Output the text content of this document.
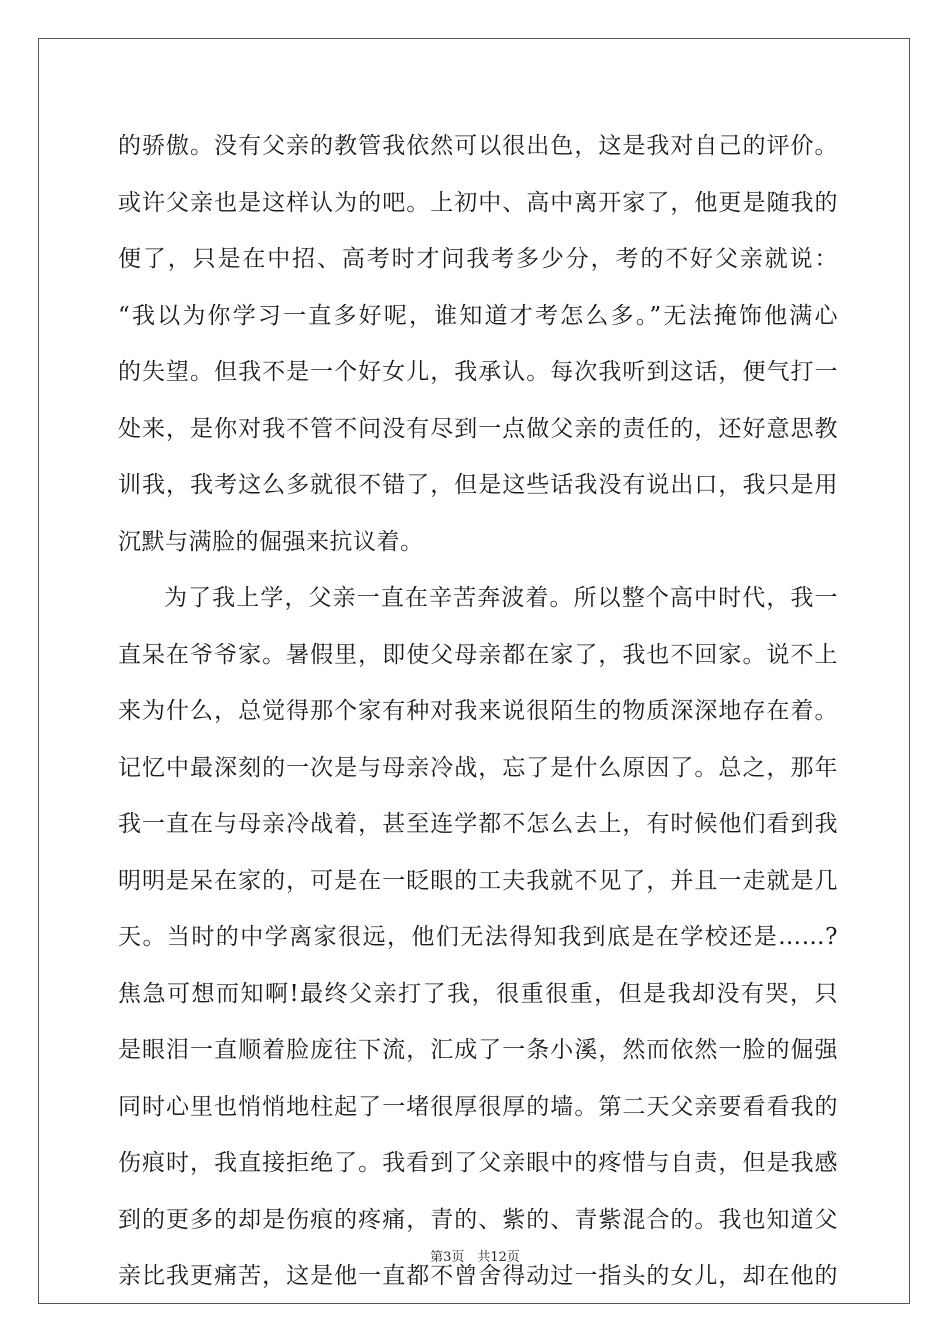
的骄傲。没有父亲的教管我依然可以很出色，这是我对自己的评价。
或许父亲也是这样认为的吧。上初中、高中离开家了，他更是随我的
便了，只是在中招、高考时才问我考多少分，考的不好父亲就说：
“我以为你学习一直多好呢，谁知道才考怎么多。”无法掩饰他满心
的失望。但我不是一个好女儿，我承认。每次我听到这话，便气打一
处来，是你对我不管不问没有尽到一点做父亲的责任的，还好意思教
训我，我考这么多就很不错了，但是这些话我没有说出口，我只是用
沉默与满脸的倔强来抗议着。
为了我上学，父亲一直在辛苦奔波着。所以整个高中时代，我一
直呆在爷爷家。暑假里，即使父母亲都在家了，我也不回家。说不上
来为什么，总觉得那个家有种对我来说很陌生的物质深深地存在着。
记忆中最深刻的一次是与母亲冷战，忘了是什么原因了。总之，那年
我一直在与母亲冷战着，甚至连学都不怎么去上，有时候他们看到我
明明是呆在家的，可是在一眨眼的工夫我就不见了，并且一走就是几
天。当时的中学离家很远，他们无法得知我到底是在学校还是……?
焦急可想而知啊!最终父亲打了我，很重很重，但是我却没有哭，只
是眼泪一直顺着脸庞往下流，汇成了一条小溪，然而依然一脸的倔强
同时心里也悄悄地柱起了一堵很厚很厚的墙。第二天父亲要看看我的
伤痕时，我直接拒绝了。我看到了父亲眼中的疼惜与自责，但是我感
到的更多的却是伤痕的疼痛，青的、紫的、青紫混合的。我也知道父
亲比我更痛苦，这是他一直都不曾舍得动过一指头的女儿，却在他的
第3页　共12页
